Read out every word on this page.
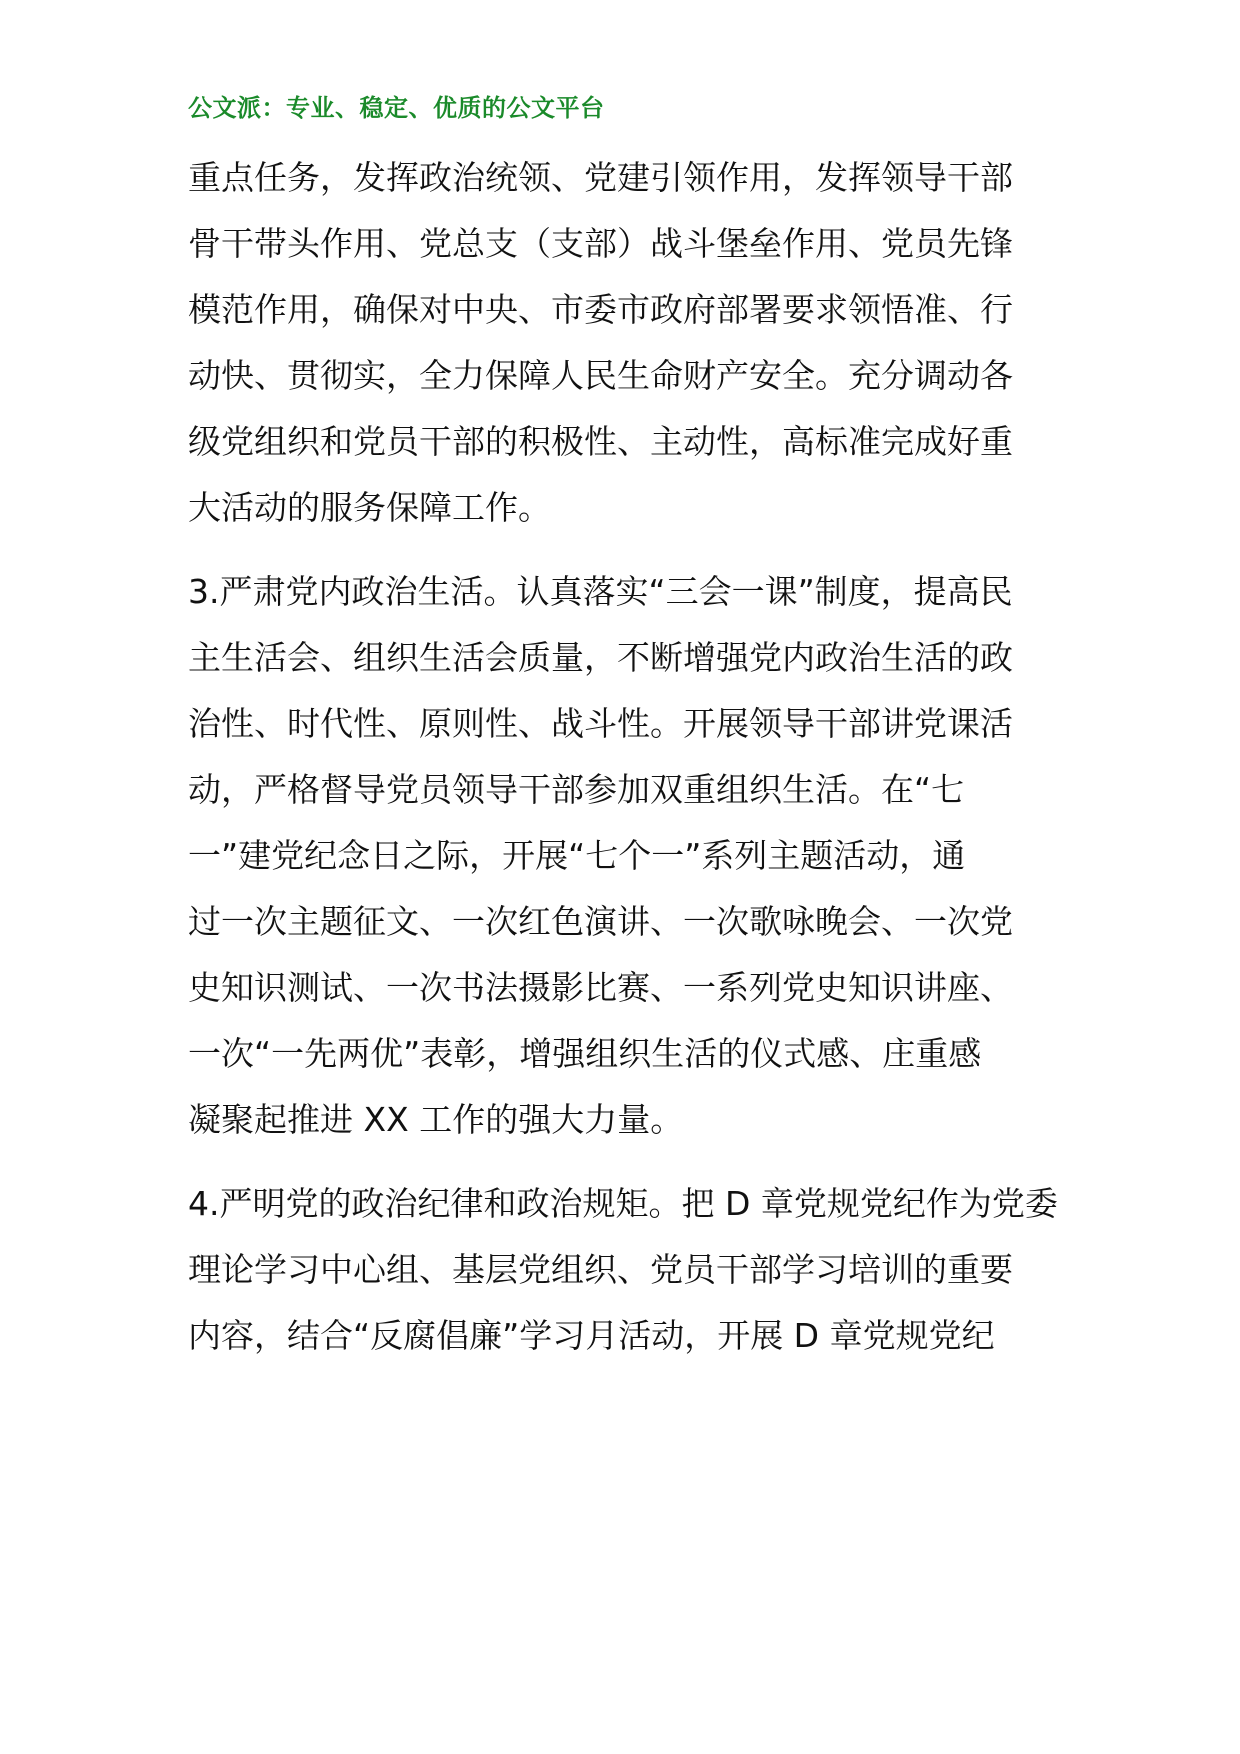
公文派：专业、稳定、优质的公文平台
重点任务，发挥政治统领、党建引领作用，发挥领导干部
骨干带头作用、党总支（支部）战斗堡垒作用、党员先锋
模范作用，确保对中央、市委市政府部署要求领悟准、行
动快、贯彻实，全力保障人民生命财产安全。充分调动各
级党组织和党员干部的积极性、主动性，高标准完成好重
大活动的服务保障工作。
3.严肃党内政治生活。认真落实“三会一课”制度，提高民
主生活会、组织生活会质量，不断增强党内政治生活的政
治性、时代性、原则性、战斗性。开展领导干部讲党课活
动，严格督导党员领导干部参加双重组织生活。在“七
一”建党纪念日之际，开展“七个一”系列主题活动，通
过一次主题征文、一次红色演讲、一次歌咏晚会、一次党
史知识测试、一次书法摄影比赛、一系列党史知识讲座、
一次“一先两优”表彰，增强组织生活的仪式感、庄重感
凝聚起推进 XX 工作的强大力量。
4.严明党的政治纪律和政治规矩。把 D 章党规党纪作为党委
理论学习中心组、基层党组织、党员干部学习培训的重要
内容，结合“反腐倡廉”学习月活动，开展 D 章党规党纪
